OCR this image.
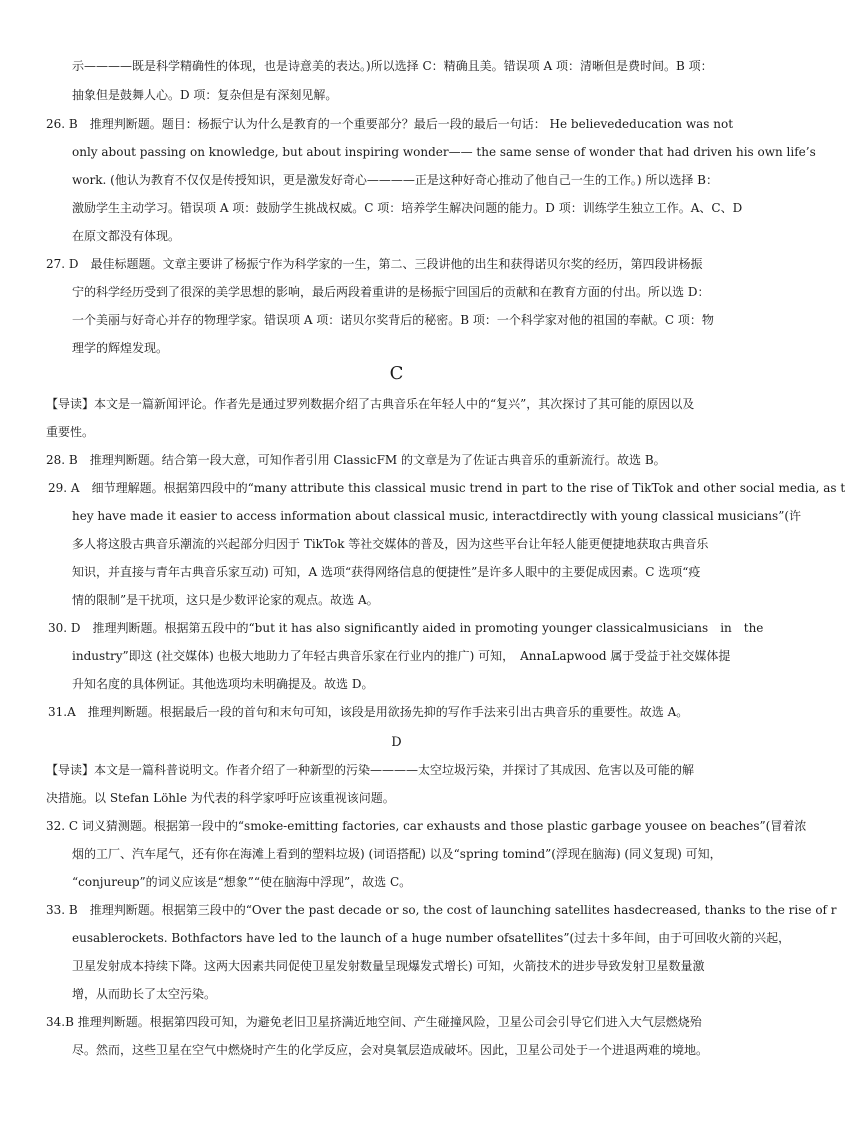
示————既是科学精确性的体现，也是诗意美的表达。)所以选择 C：精确且美。错误项 A 项：清晰但是费时间。B 项：
抽象但是鼓舞人心。D 项：复杂但是有深刻见解。
26. B　推理判断题。题目：杨振宁认为什么是教育的一个重要部分？最后一段的最后一句话： He believededucation was not
only about passing on knowledge, but about inspiring wonder—— the same sense of wonder that had driven his own life’s
work. (他认为教育不仅仅是传授知识，更是激发好奇心————正是这种好奇心推动了他自己一生的工作。) 所以选择 B：
激励学生主动学习。错误项 A 项：鼓励学生挑战权威。C 项：培养学生解决问题的能力。D 项：训练学生独立工作。A、C、D
在原文都没有体现。
27. D　最佳标题题。文章主要讲了杨振宁作为科学家的一生，第二、三段讲他的出生和获得诺贝尔奖的经历，第四段讲杨振
宁的科学经历受到了很深的美学思想的影响，最后两段着重讲的是杨振宁回国后的贡献和在教育方面的付出。所以选 D：
一个美丽与好奇心并存的物理学家。错误项 A 项：诺贝尔奖背后的秘密。B 项：一个科学家对他的祖国的奉献。C 项：物
理学的辉煌发现。
C
【导读】本文是一篇新闻评论。作者先是通过罗列数据介绍了古典音乐在年轻人中的“复兴”，其次探讨了其可能的原因以及
重要性。
28. B　推理判断题。结合第一段大意，可知作者引用 ClassicFM 的文章是为了佐证古典音乐的重新流行。故选 B。
29. A　细节理解题。根据第四段中的“many attribute this classical music trend in part to the rise of TikTok and other social media, as t
hey have made it easier to access information about classical music, interactdirectly with young classical musicians”(许
多人将这股古典音乐潮流的兴起部分归因于 TikTok 等社交媒体的普及，因为这些平台让年轻人能更便捷地获取古典音乐
知识，并直接与青年古典音乐家互动) 可知，A 选项“获得网络信息的便捷性”是许多人眼中的主要促成因素。C 选项“疫
情的限制”是干扰项，这只是少数评论家的观点。故选 A。
30. D　推理判断题。根据第五段中的“but it has also significantly aided in promoting younger classicalmusicians　in　the
industry”即这 (社交媒体) 也极大地助力了年轻古典音乐家在行业内的推广) 可知，　AnnaLapwood 属于受益于社交媒体提
升知名度的具体例证。其他选项均未明确提及。故选 D。
31.A　推理判断题。根据最后一段的首句和末句可知，该段是用欲扬先抑的写作手法来引出古典音乐的重要性。故选 A。
D
【导读】本文是一篇科普说明文。作者介绍了一种新型的污染————太空垃圾污染，并探讨了其成因、危害以及可能的解
决措施。以 Stefan Löhle 为代表的科学家呼吁应该重视该问题。
32. C 词义猜测题。根据第一段中的“smoke-emitting factories, car exhausts and those plastic garbage yousee on beaches”(冒着浓
烟的工厂、汽车尾气，还有你在海滩上看到的塑料垃圾) (词语搭配) 以及“spring tomind”(浮现在脑海) (同义复现) 可知，
“conjureup”的词义应该是“想象”“使在脑海中浮现”，故选 C。
33. B　推理判断题。根据第三段中的“Over the past decade or so, the cost of launching satellites hasdecreased, thanks to the rise of r
eusablerockets. Bothfactors have led to the launch of a huge number ofsatellites”(过去十多年间，由于可回收火箭的兴起，
卫星发射成本持续下降。这两大因素共同促使卫星发射数量呈现爆发式增长) 可知，火箭技术的进步导致发射卫星数量激
增，从而助长了太空污染。
34.B 推理判断题。根据第四段可知，为避免老旧卫星挤满近地空间、产生碰撞风险，卫星公司会引导它们进入大气层燃烧殆
尽。然而，这些卫星在空气中燃烧时产生的化学反应，会对臭氧层造成破坏。因此，卫星公司处于一个进退两难的境地。
